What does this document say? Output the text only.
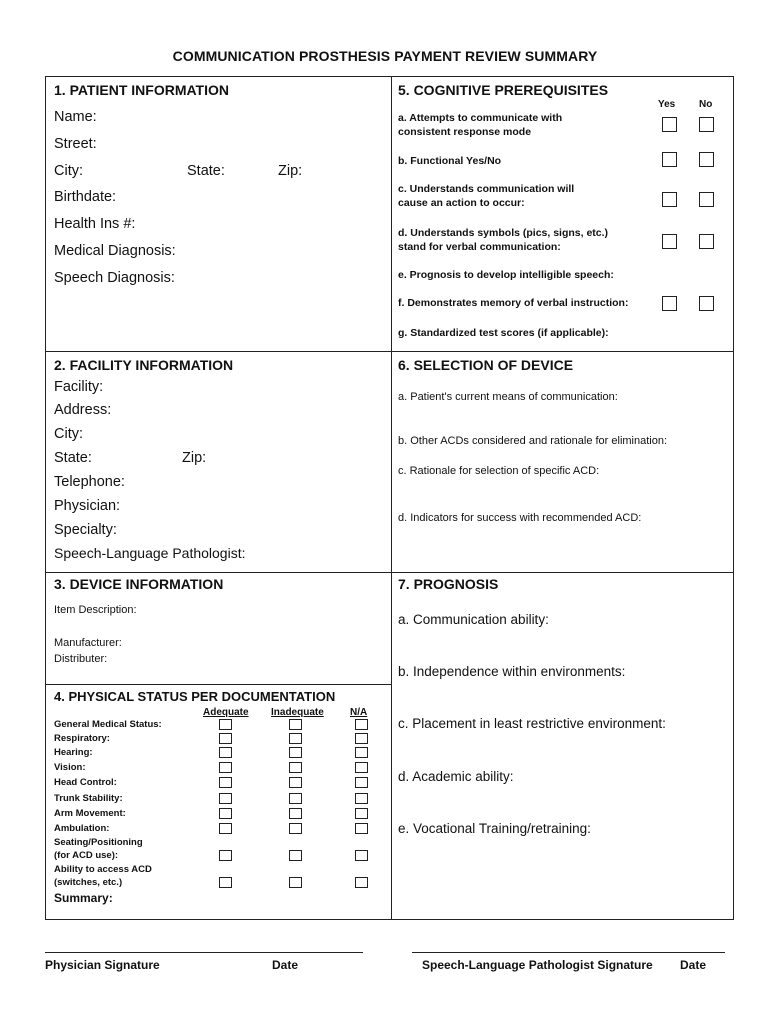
COMMUNICATION PROSTHESIS PAYMENT REVIEW SUMMARY
1. PATIENT INFORMATION
Name:
Street:
City:	State:	Zip:
Birthdate:
Health Ins #:
Medical Diagnosis:
Speech Diagnosis:
2. FACILITY INFORMATION
Facility:
Address:
City:
State:	Zip:
Telephone:
Physician:
Specialty:
Speech-Language Pathologist:
3. DEVICE INFORMATION
Item Description:
Manufacturer:
Distributer:
4. PHYSICAL STATUS PER DOCUMENTATION
Adequate Inadequate	N/A
General Medical Status:
Respiratory:
Hearing:
Vision:
Head Control:
Trunk Stability:
Arm Movement:
Ambulation:
Seating/Positioning
(for ACD use):
Ability to access ACD
(switches, etc.)
Summary:
5. COGNITIVE PREREQUISITES
Yes No
a. Attempts to communicate with
consistent response mode
b. Functional Yes/No
c. Understands communication will
cause an action to occur:
d. Understands symbols (pics, signs, etc.)
stand for verbal communication:
e. Prognosis to develop intelligible speech:
f. Demonstrates memory of verbal instruction:
g. Standardized test scores (if applicable):
6. SELECTION OF DEVICE
a. Patient's current means of communication:
b. Other ACDs considered and rationale for elimination:
c. Rationale for selection of specific ACD:
d. Indicators for success with recommended ACD:
7. PROGNOSIS
a. Communication ability:
b. Independence within environments:
c. Placement in least restrictive environment:
d. Academic ability:
e. Vocational Training/retraining:
Physician Signature	Date	Speech-Language Pathologist Signature Date
